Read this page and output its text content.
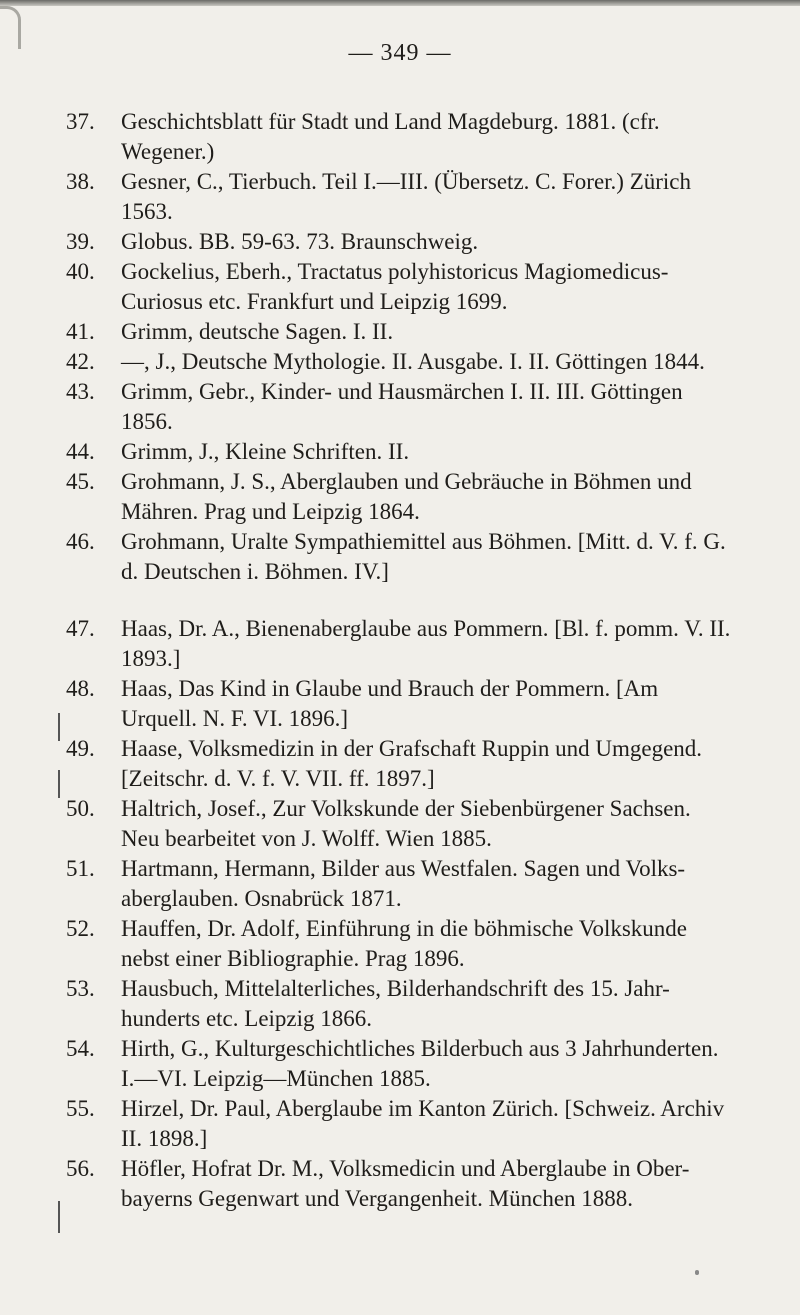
— 349 —
37. Geschichtsblatt für Stadt und Land Magdeburg. 1881. (cfr. Wegener.)
38. Gesner, C., Tierbuch. Teil I.—III. (Übersetz. C. Forer.) Zürich 1563.
39. Globus. BB. 59-63. 73. Braunschweig.
40. Gockelius, Eberh., Tractatus polyhistoricus Magiomedicus-Curiosus etc. Frankfurt und Leipzig 1699.
41. Grimm, deutsche Sagen. I. II.
42. —, J., Deutsche Mythologie. II. Ausgabe. I. II. Göttingen 1844.
43. Grimm, Gebr., Kinder- und Hausmärchen I. II. III. Göttingen 1856.
44. Grimm, J., Kleine Schriften. II.
45. Grohmann, J. S., Aberglauben und Gebräuche in Böhmen und Mähren. Prag und Leipzig 1864.
46. Grohmann, Uralte Sympathiemittel aus Böhmen. [Mitt. d. V. f. G. d. Deutschen i. Böhmen. IV.]
47. Haas, Dr. A., Bienenaberglaube aus Pommern. [Bl. f. pomm. V. II. 1893.]
48. Haas, Das Kind in Glaube und Brauch der Pommern. [Am Urquell. N. F. VI. 1896.]
49. Haase, Volksmedizin in der Grafschaft Ruppin und Umgegend. [Zeitschr. d. V. f. V. VII. ff. 1897.]
50. Haltrich, Josef., Zur Volkskunde der Siebenbürgener Sachsen. Neu bearbeitet von J. Wolff. Wien 1885.
51. Hartmann, Hermann, Bilder aus Westfalen. Sagen und Volks-aberglauben. Osnabrück 1871.
52. Hauffen, Dr. Adolf, Einführung in die böhmische Volkskunde nebst einer Bibliographie. Prag 1896.
53. Hausbuch, Mittelalterliches, Bilderhandschrift des 15. Jahr-hunderts etc. Leipzig 1866.
54. Hirth, G., Kulturgeschichtliches Bilderbuch aus 3 Jahrhunderten. I.—VI. Leipzig—München 1885.
55. Hirzel, Dr. Paul, Aberglaube im Kanton Zürich. [Schweiz. Archiv II. 1898.]
56. Höfler, Hofrat Dr. M., Volksmedicin und Aberglaube in Ober-bayerns Gegenwart und Vergangenheit. München 1888.
